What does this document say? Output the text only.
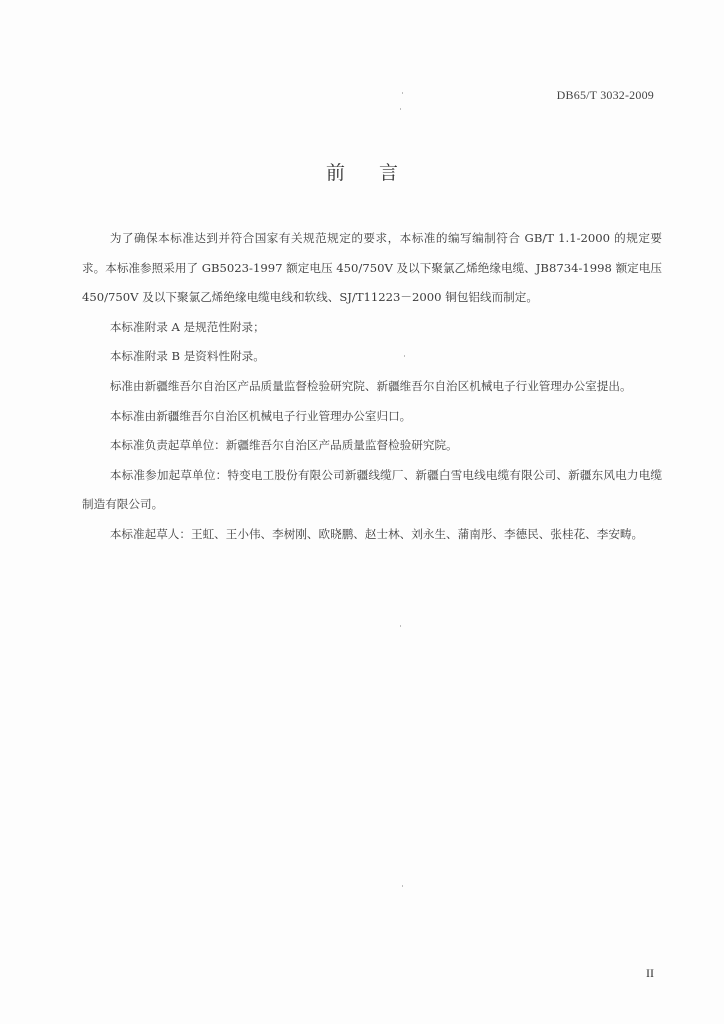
DB65/T 3032-2009
前言

为了确保本标准达到并符合国家有关规范规定的要求，本标准的编写编制符合 GB/T 1.1-2000 的规定要求。本标准参照采用了 GB5023-1997 额定电压 450/750V 及以下聚氯乙烯绝缘电缆、JB8734-1998 额定电压 450/750V 及以下聚氯乙烯绝缘电缆电线和软线、SJ/T11223－2000 铜包铝线而制定。

本标准附录 A 是规范性附录；

本标准附录 B 是资料性附录。

标准由新疆维吾尔自治区产品质量监督检验研究院、新疆维吾尔自治区机械电子行业管理办公室提出。

本标准由新疆维吾尔自治区机械电子行业管理办公室归口。

本标准负责起草单位：新疆维吾尔自治区产品质量监督检验研究院。

本标准参加起草单位：特变电工股份有限公司新疆线缆厂、新疆白雪电线电缆有限公司、新疆东风电力电缆制造有限公司。

本标准起草人：王虹、王小伟、李树刚、欧晓鹏、赵士林、刘永生、蒲南彤、李德民、张桂花、李安畴。

II
